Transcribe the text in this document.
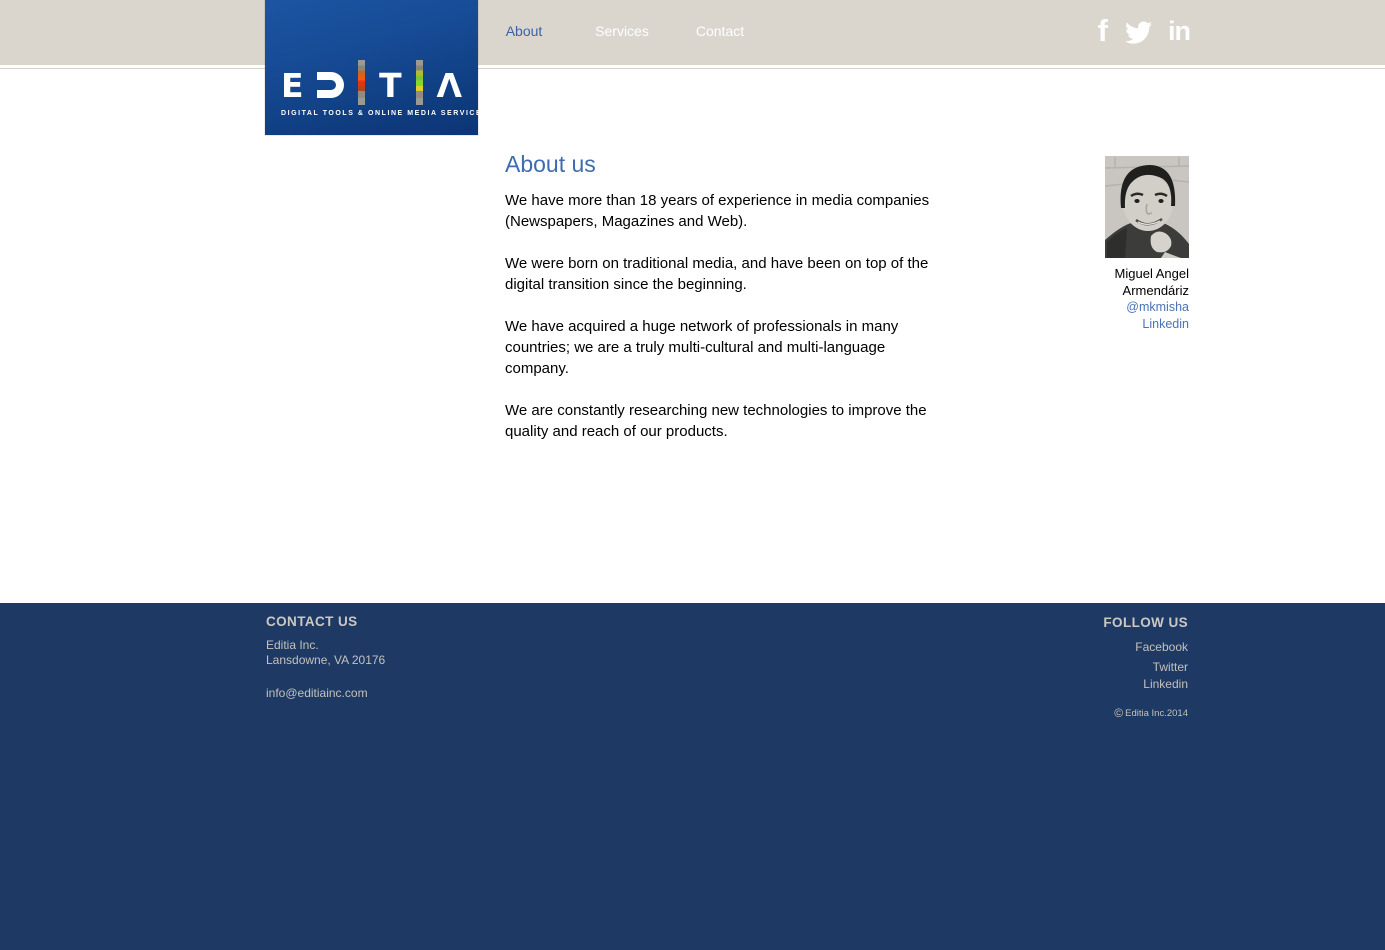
About	Services	Contact	f in
E T Λ
DIGITAL TOOLS & ONLINE MEDIA SERVICES
About us

We have more than 18 years of experience in media companies (Newspapers, Magazines and Web).

We were born on traditional media, and have been on top of the digital transition since the beginning.

We have acquired a huge network of professionals in many countries; we are a truly multi-cultural and multi-language company.

We are constantly researching new technologies to improve the quality and reach of our products.

Miguel Angel
Armendáriz
@mkmisha
Linkedin
CONTACT US
Editia Inc.
Lansdowne, VA 20176
info@editiainc.com
FOLLOW US
Facebook
Twitter
Linkedin
© Editia Inc.2014
